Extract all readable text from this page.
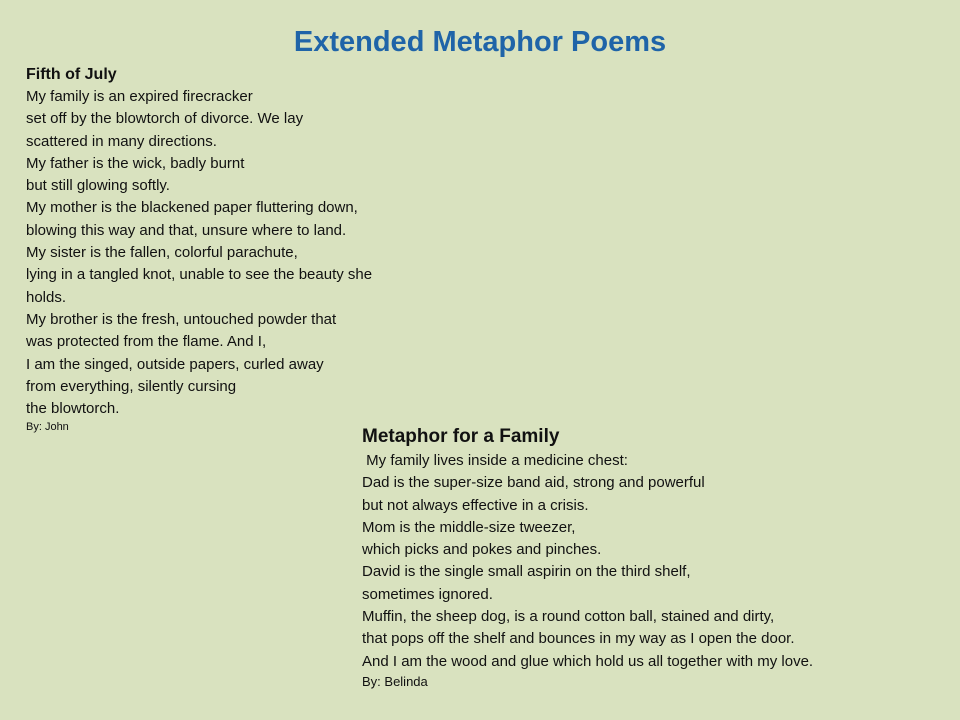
Extended Metaphor Poems

Fifth of July

My family is an expired firecracker
set off by the blowtorch of divorce. We lay
scattered in many directions.
My father is the wick, badly burnt
but still glowing softly.
My mother is the blackened paper fluttering down,
blowing this way and that, unsure where to land.
My sister is the fallen, colorful parachute,
lying in a tangled knot, unable to see the beauty she
holds.
My brother is the fresh, untouched powder that
was protected from the flame. And I,
I am the singed, outside papers, curled away
from everything, silently cursing
the blowtorch.

By: John	Metaphor for a Family

My family lives inside a medicine chest:
Dad is the super-size band aid, strong and powerful
but not always effective in a crisis.
Mom is the middle-size tweezer,
which picks and pokes and pinches.
David is the single small aspirin on the third shelf,
sometimes ignored.
Muffin, the sheep dog, is a round cotton ball, stained and dirty,
that pops off the shelf and bounces in my way as I open the door.
And I am the wood and glue which hold us all together with my love.

By: Belinda
